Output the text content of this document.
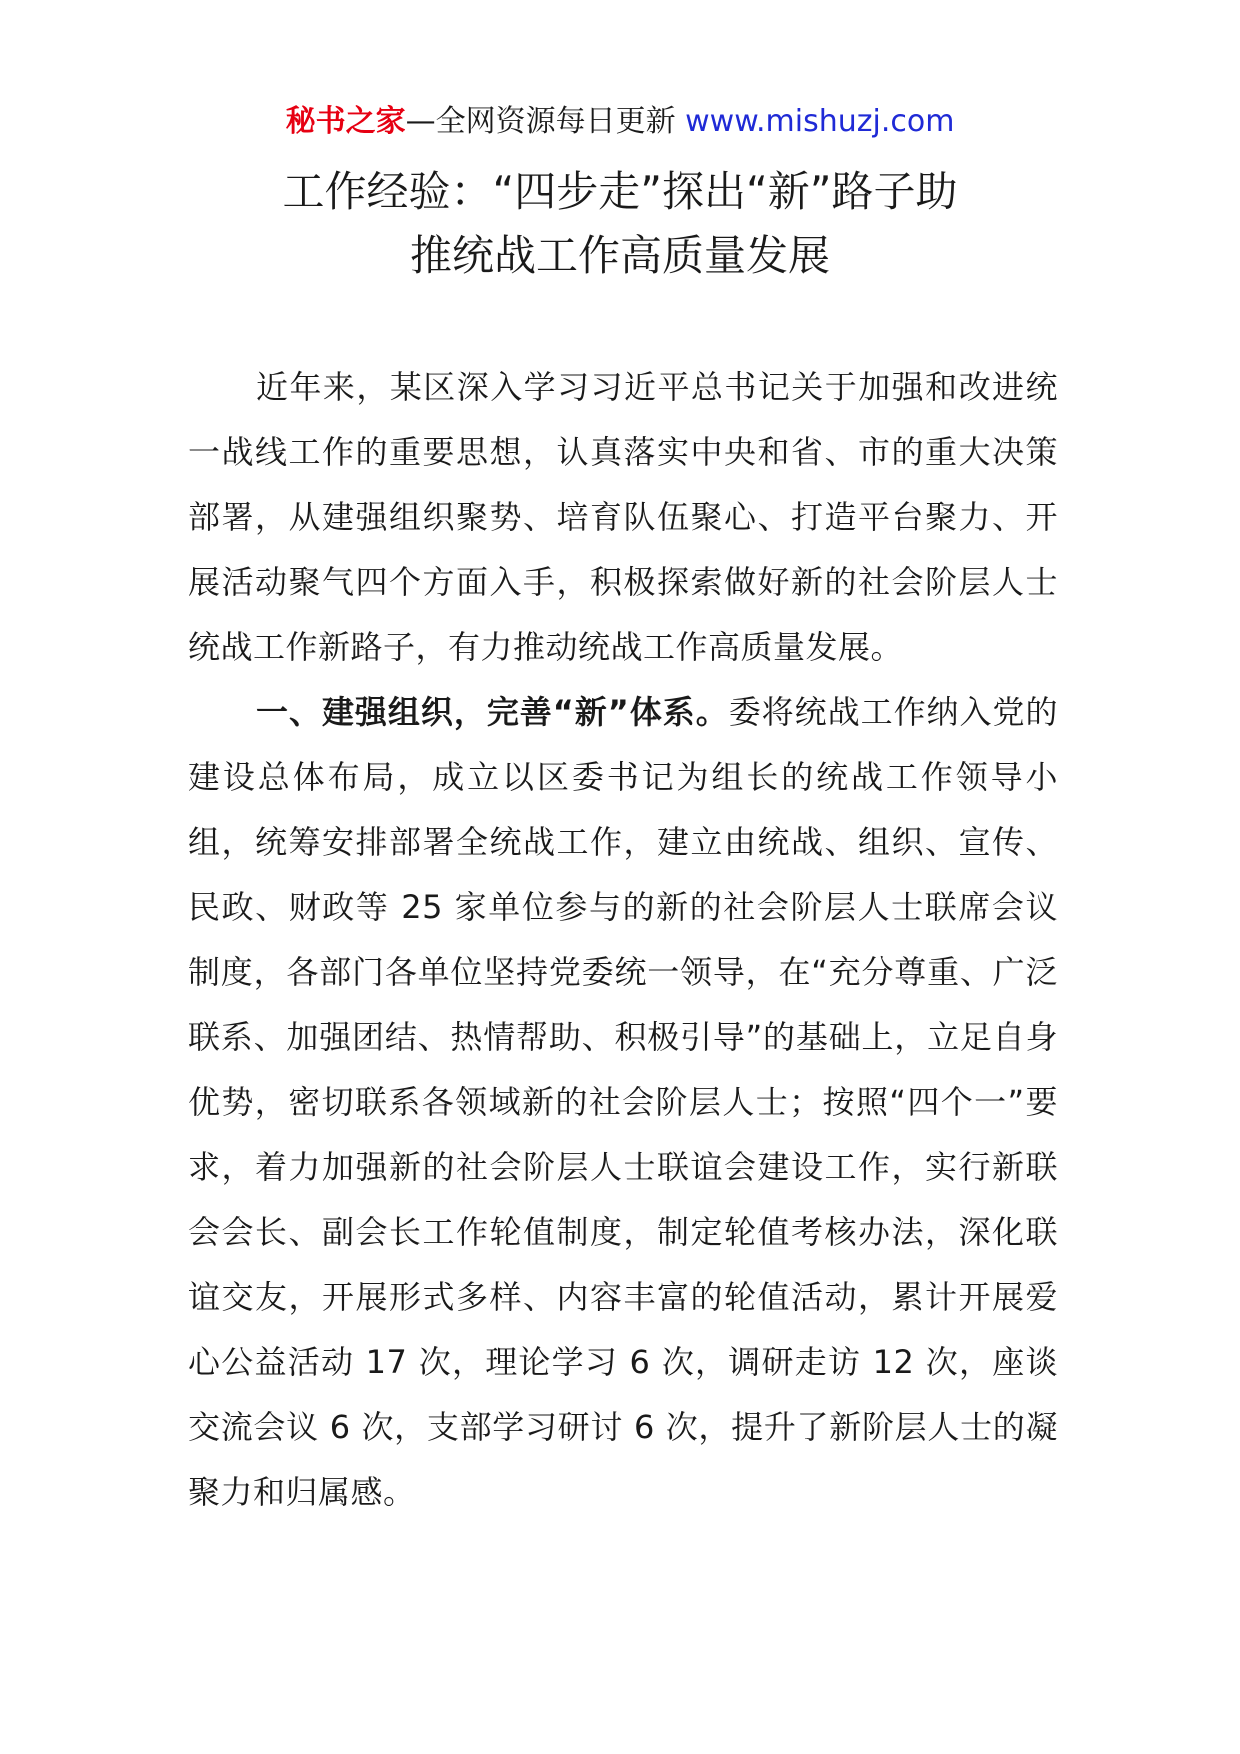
秘书之家—全网资源每日更新 www.mishuzj.com
工作经验：“四步走”探出“新”路子助
推统战工作高质量发展

近年来，某区深入学习习近平总书记关于加强和改进统一战线工作的重要思想，认真落实中央和省、市的重大决策部署，从建强组织聚势、培育队伍聚心、打造平台聚力、开展活动聚气四个方面入手，积极探索做好新的社会阶层人士统战工作新路子，有力推动统战工作高质量发展。

一、建强组织，完善“新”体系。委将统战工作纳入党的建设总体布局，成立以区委书记为组长的统战工作领导小组，统筹安排部署全统战工作，建立由统战、组织、宣传、民政、财政等 25 家单位参与的新的社会阶层人士联席会议制度，各部门各单位坚持党委统一领导，在“充分尊重、广泛联系、加强团结、热情帮助、积极引导”的基础上，立足自身优势，密切联系各领域新的社会阶层人士；按照“四个一”要求，着力加强新的社会阶层人士联谊会建设工作，实行新联会会长、副会长工作轮值制度，制定轮值考核办法，深化联谊交友，开展形式多样、内容丰富的轮值活动，累计开展爱心公益活动 17 次，理论学习 6 次，调研走访 12 次，座谈交流会议 6 次，支部学习研讨 6 次，提升了新阶层人士的凝聚力和归属感。
